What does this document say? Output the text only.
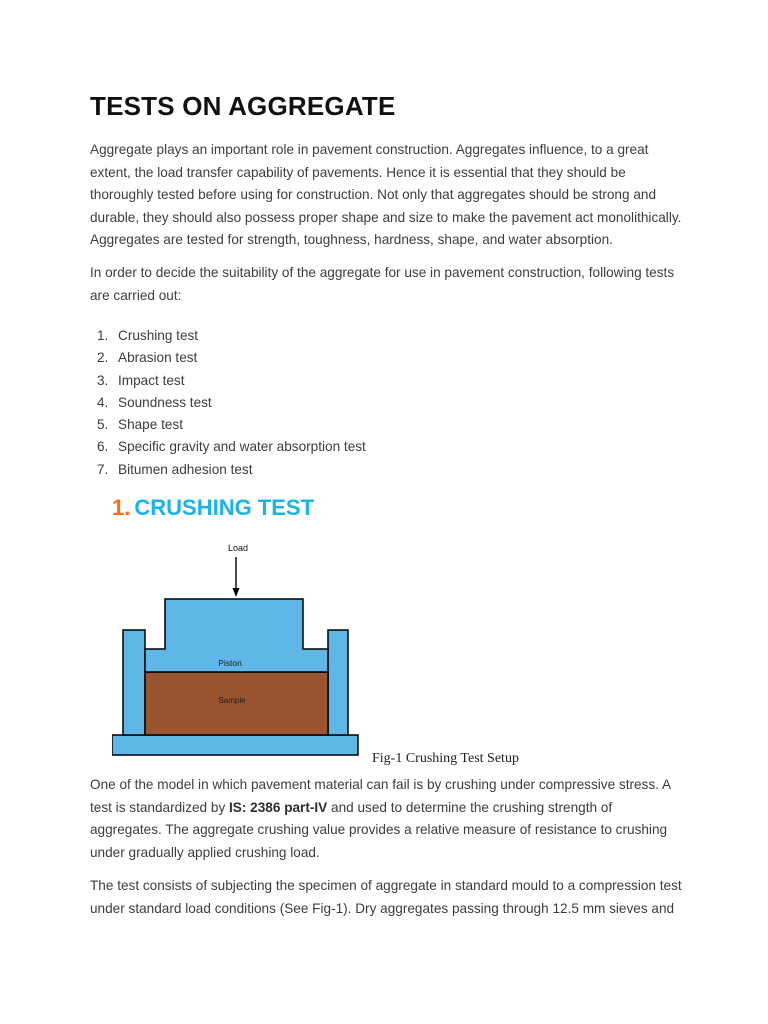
TESTS ON AGGREGATE

Aggregate plays an important role in pavement construction. Aggregates influence, to a great extent, the load transfer capability of pavements. Hence it is essential that they should be thoroughly tested before using for construction. Not only that aggregates should be strong and durable, they should also possess proper shape and size to make the pavement act monolithically. Aggregates are tested for strength, toughness, hardness, shape, and water absorption.

In order to decide the suitability of the aggregate for use in pavement construction, following tests are carried out:

1. Crushing test
2. Abrasion test
3. Impact test
4. Soundness test
5. Shape test
6. Specific gravity and water absorption test
7. Bitumen adhesion test
1. CRUSHING TEST
Load
Piston
Sample

Fig-1 Crushing Test Setup

One of the model in which pavement material can fail is by crushing under compressive stress. A test is standardized by IS: 2386 part-IV and used to determine the crushing strength of aggregates. The aggregate crushing value provides a relative measure of resistance to crushing under gradually applied crushing load.

The test consists of subjecting the specimen of aggregate in standard mould to a compression test under standard load conditions (See Fig-1). Dry aggregates passing through 12.5 mm sieves and
